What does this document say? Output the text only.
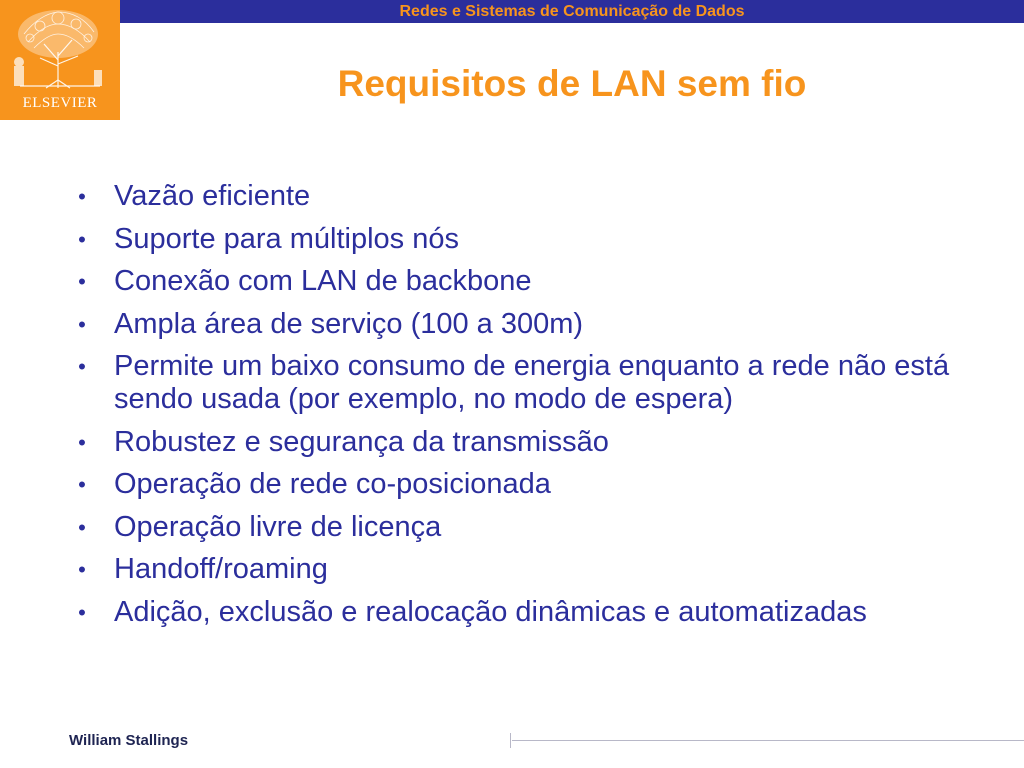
Redes e Sistemas de Comunicação de Dados
ELSEVIER	Requisitos de LAN sem fio
• Vazão eficiente
• Suporte para múltiplos nós
• Conexão com LAN de backbone
• Ampla área de serviço (100 a 300m)
• Permite um baixo consumo de energia enquanto a rede não está sendo usada (por exemplo, no modo de espera)
• Robustez e segurança da transmissão
• Operação de rede co-posicionada
• Operação livre de licença
• Handoff/roaming
• Adição, exclusão e realocação dinâmicas e automatizadas
William Stallings
